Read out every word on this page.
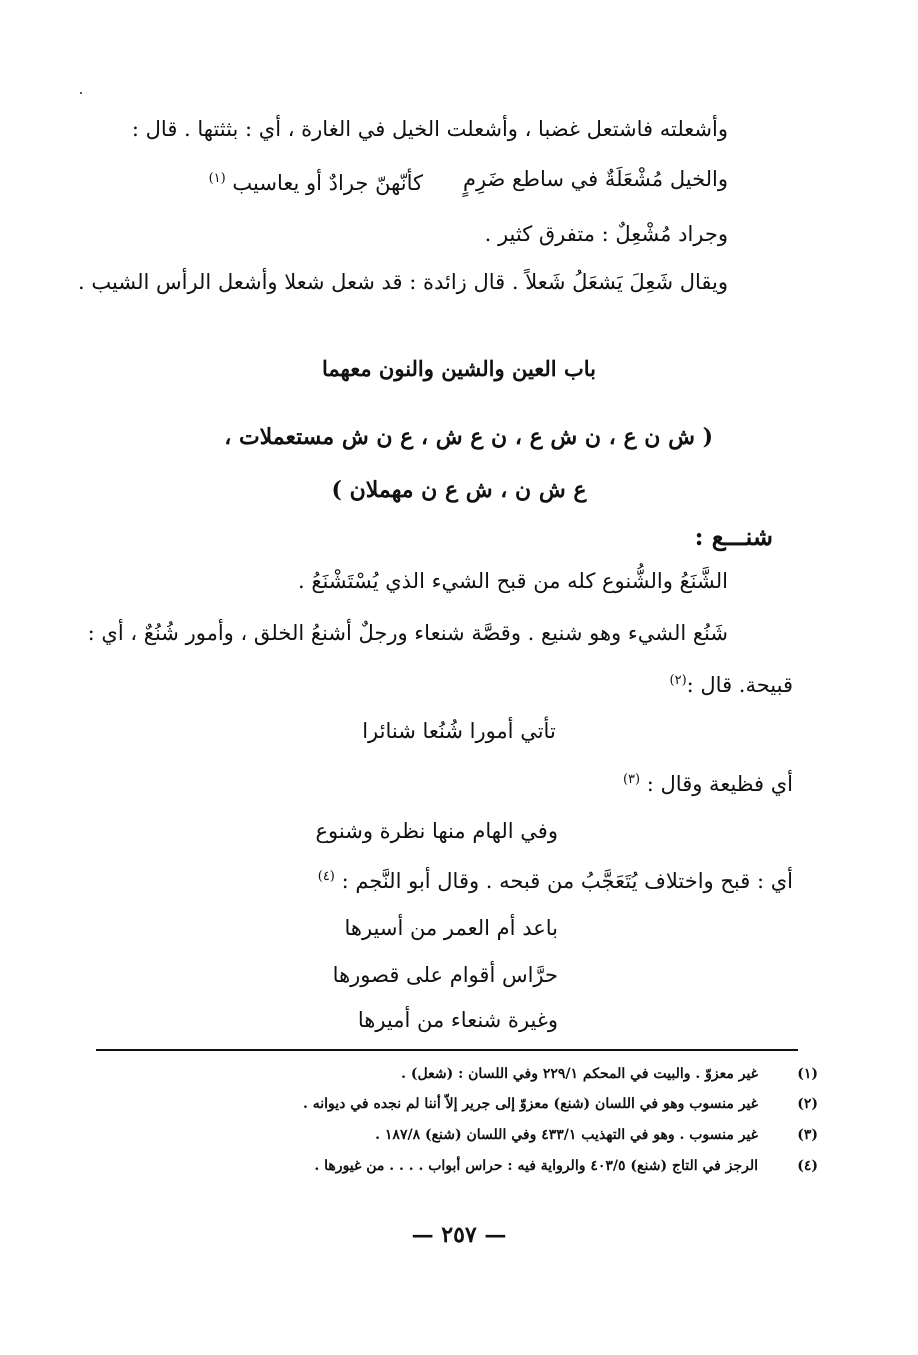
وأشعلته فاشتعل غضبا ، وأشعلت الخيل في الغارة ، أي : بثثتها . قال :
والخيل مُشْعَلَةٌ في ساطع ضَرِمٍ
كأنّهنّ جرادٌ أو يعاسيب $^{(١)}$
وجراد مُشْعِلٌ : متفرق كثير .
ويقال شَعِلَ يَشعَلُ شَعلاً . قال زائدة : قد شعل شعلا وأشعل الرأس الشيب .
باب العين والشين والنون معهما
( ش ن ع ، ن ش ع ، ن ع ش ، ع ن ش مستعملات ،
ع ش ن ، ش ع ن مهملان )
شنـــع :
الشَّنَعُ والشُّنوع كله من قبح الشيء الذي يُسْتَشْنَعُ .
شَنُع الشيء وهو شنيع . وقصَّة شنعاء ورجلٌ أشنعُ الخلق ، وأمور شُنُعٌ ، أي :
قبيحة. قال :$^{(٢)}$
تأتي أمورا شُنُعا شنائرا
أي فظيعة وقال : $^{(٣)}$
وفي الهام منها نظرة وشنوع
أي : قبح واختلاف يُتَعَجَّبُ من قبحه . وقال أبو النَّجم : $^{(٤)}$
باعد أم العمر من أسيرها
حرَّاس أقوام على قصورها
وغيرة شنعاء من أميرها
(١)
غير معزوّ . والبيت في المحكم ٢٢٩/١ وفي اللسان : (شعل) .
(٢)
غير منسوب وهو في اللسان (شنع) معزوّ إلى جرير إلاّ أننا لم نجده في ديوانه .
(٣)
غير منسوب . وهو في التهذيب ٤٣٣/١ وفي اللسان (شنع) ١٨٧/٨ .
(٤)
الرجز في التاج (شنع) ٤٠٣/٥ والرواية فيه : حراس أبواب . . . . من غيورها .
— ٢٥٧ —
